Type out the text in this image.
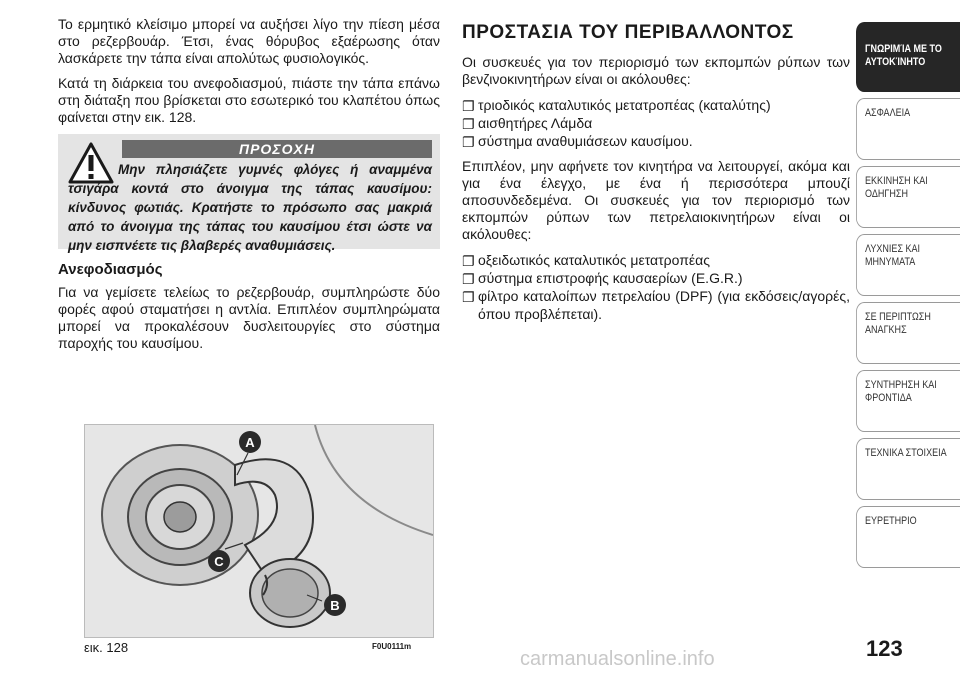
Το ερμητικό κλείσιμο μπορεί να αυξήσει λίγο την πίεση μέσα στο ρεζερβουάρ. Έτσι, ένας θόρυβος εξαέρωσης όταν λασκάρετε την τάπα είναι απολύτως φυσιολογικός.

Κατά τη διάρκεια του ανεφοδιασμού, πιάστε την τάπα επάνω στη διάταξη που βρίσκεται στο εσωτερικό του κλαπέτου όπως φαίνεται στην εικ. 128.

ΠΡΟΣΟΧΗ
Μην πλησιάζετε γυμνές φλόγες ή αναμμένα τσιγάρα κοντά στο άνοιγμα της τάπας καυσίμου: κίνδυνος φωτιάς. Κρατήστε το πρόσωπο σας μακριά από το άνοιγμα της τάπας του καυσίμου έτσι ώστε να μην εισπνέετε τις βλαβερές αναθυμιάσεις.
Ανεφοδιασμός

Για να γεμίσετε τελείως το ρεζερβουάρ, συμπληρώστε δύο φορές αφού σταματήσει η αντλία. Επιπλέον συμπληρώματα μπορεί να προκαλέσουν δυσλειτουργίες στο σύστημα παροχής του καυσίμου.

A
B
C
εικ. 128	F0U0111m
ΠΡΟΣΤΑΣΙΑ ΤΟΥ ΠΕΡΙΒΑΛΛΟΝΤΟΣ

Οι συσκευές για τον περιορισμό των εκπομπών ρύπων των βενζινοκινητήρων είναι οι ακόλουθες:

❐ τριοδικός καταλυτικός μετατροπέας (καταλύτης)
❐ αισθητήρες Λάμδα
❐ σύστημα αναθυμιάσεων καυσίμου.

Επιπλέον, μην αφήνετε τον κινητήρα να λειτουργεί, ακόμα και για ένα έλεγχο, με ένα ή περισσότερα μπουζί αποσυνδεδεμένα. Οι συσκευές για τον περιορισμό των εκπομπών ρύπων των πετρελαιοκινητήρων είναι οι ακόλουθες:

❐ οξειδωτικός καταλυτικός μετατροπέας
❐ σύστημα επιστροφής καυσαερίων (E.G.R.)
❐ φίλτρο καταλοίπων πετρελαίου (DPF) (για εκδόσεις/αγορές, όπου προβλέπεται).
ΓΝΩΡΙΜΊΑ ΜΕ ΤΟ ΑΥΤΟΚΊΝΗΤΟ
ΑΣΦΑΛΕΙΑ
ΕΚΚΙΝΗΣΗ ΚΑΙ ΟΔΗΓΗΣΗ
ΛΥΧΝΙΕΣ ΚΑΙ ΜΗΝΥΜΑΤΑ
ΣΕ ΠΕΡΙΠΤΩΣΗ ΑΝΑΓΚΗΣ
ΣΥΝΤΗΡΗΣΗ ΚΑΙ ΦΡΟΝΤΙΔΑ
ΤΕΧΝΙΚΑ ΣΤΟΙΧΕΙΑ
ΕΥΡΕΤΗΡΙΟ
123
carmanualsonline.info
